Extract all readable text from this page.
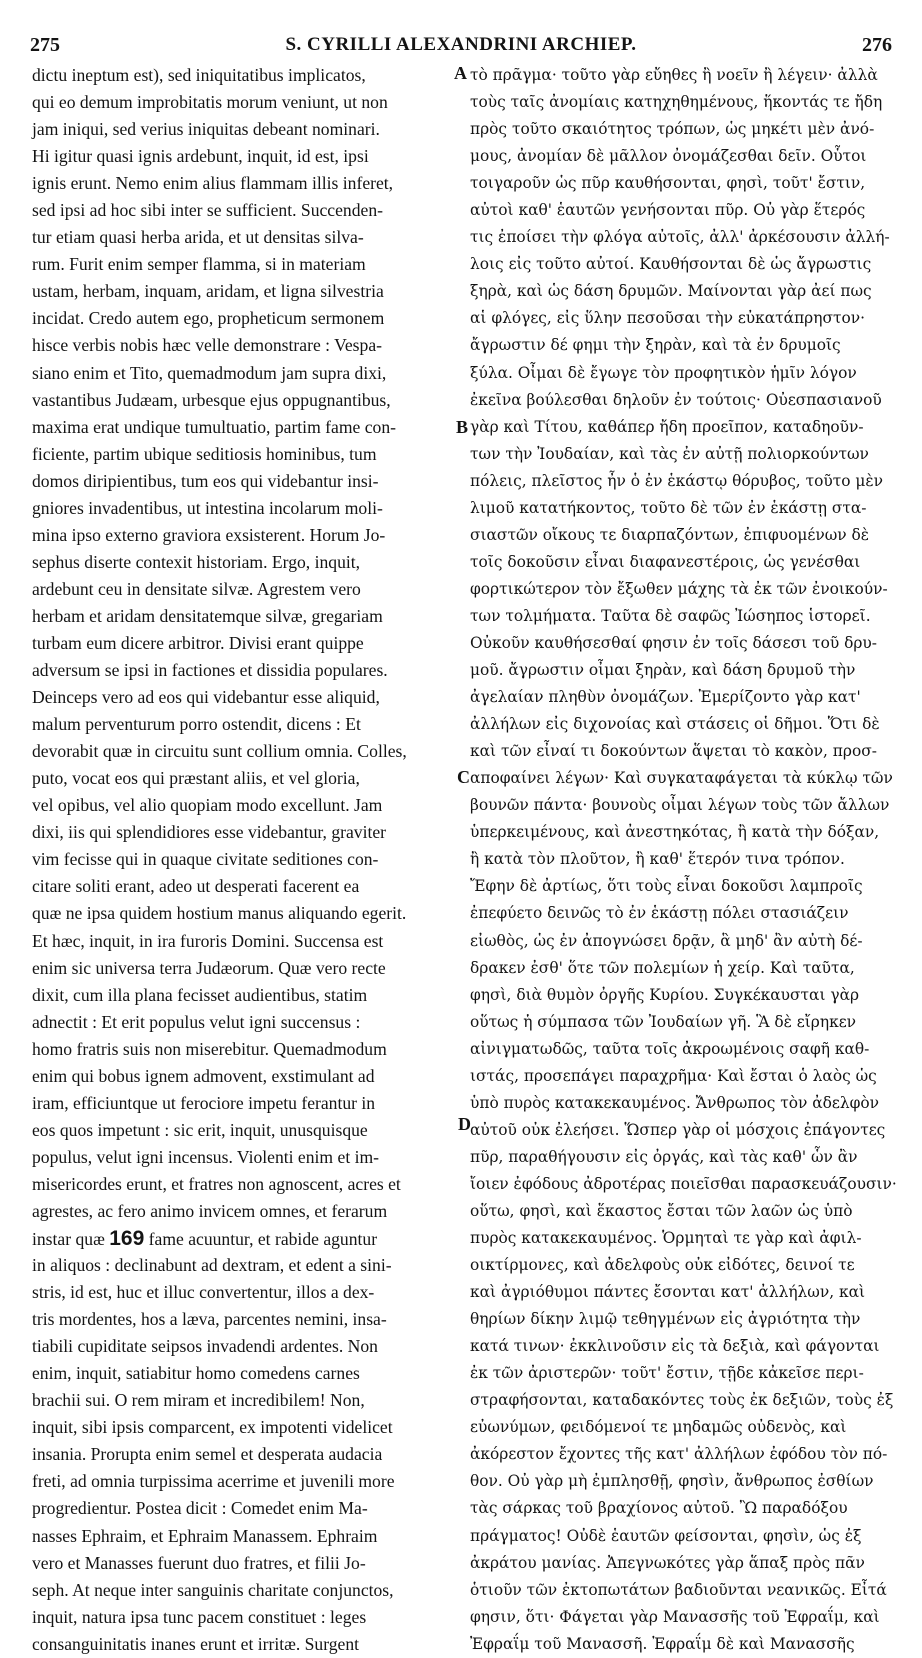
275	S. CYRILLI ALEXANDRINI ARCHIEP.	276
dictu ineptum est), sed iniquitatibus implicatos,
qui eo demum improbitatis morum veniunt, ut non
jam iniqui, sed verius iniquitas debeant nominari.
Hi igitur quasi ignis ardebunt, inquit, id est, ipsi
ignis erunt. Nemo enim alius flammam illis inferet,
sed ipsi ad hoc sibi inter se sufficient. Succenden-
tur etiam quasi herba arida, et ut densitas silva-
rum. Furit enim semper flamma, si in materiam
ustam, herbam, inquam, aridam, et ligna silvestria
incidat. Credo autem ego, propheticum sermonem
hisce verbis nobis hæc velle demonstrare : Vespa-
siano enim et Tito, quemadmodum jam supra dixi,
vastantibus Judæam, urbesque ejus oppugnantibus,
maxima erat undique tumultuatio, partim fame con-
ficiente, partim ubique seditiosis hominibus, tum
domos diripientibus, tum eos qui videbantur insi-
gniores invadentibus, ut intestina incolarum moli-
mina ipso externo graviora exsisterent. Horum Jo-
sephus diserte contexit historiam. Ergo, inquit,
ardebunt ceu in densitate silvæ. Agrestem vero
herbam et aridam densitatemque silvæ, gregariam
turbam eum dicere arbitror. Divisi erant quippe
adversum se ipsi in factiones et dissidia populares.
Deinceps vero ad eos qui videbantur esse aliquid,
malum perventurum porro ostendit, dicens : Et
devorabit quæ in circuitu sunt collium omnia. Colles,
puto, vocat eos qui præstant aliis, et vel gloria,
vel opibus, vel alio quopiam modo excellunt. Jam
dixi, iis qui splendidiores esse videbantur, graviter
vim fecisse qui in quaque civitate seditiones con-
citare soliti erant, adeo ut desperati facerent ea
quæ ne ipsa quidem hostium manus aliquando egerit.
Et hæc, inquit, in ira furoris Domini. Succensa est
enim sic universa terra Judæorum. Quæ vero recte
dixit, cum illa plana fecisset audientibus, statim
adnectit : Et erit populus velut igni succensus :
homo fratris suis non miserebitur. Quemadmodum
enim qui bobus ignem admovent, exstimulant ad
iram, efficiuntque ut ferociore impetu ferantur in
eos quos impetunt : sic erit, inquit, unusquisque
populus, velut igni incensus. Violenti enim et im-
misericordes erunt, et fratres non agnoscent, acres et
agrestes, ac fero animo invicem omnes, et ferarum
instar quæ 169 fame acuuntur, et rabide aguntur
in aliquos : declinabunt ad dextram, et edent a sini-
stris, id est, huc et illuc convertentur, illos a dex-
tris mordentes, hos a læva, parcentes nemini, insa-
tiabili cupiditate seipsos invadendi ardentes. Non
enim, inquit, satiabitur homo comedens carnes
brachii sui. O rem miram et incredibilem! Non,
inquit, sibi ipsis comparcent, ex impotenti videlicet
insania. Prorupta enim semel et desperata audacia
freti, ad omnia turpissima acerrime et juvenili more
progredientur. Postea dicit : Comedet enim Ma-
nasses Ephraim, et Ephraim Manassem. Ephraim
vero et Manasses fuerunt duo fratres, et filii Jo-
seph. At neque inter sanguinis charitate conjunctos,
inquit, natura ipsa tunc pacem constituet : leges
consanguinitatis inanes erunt et irritæ. Surgent
τὸ πρᾶγμα· τοῦτο γὰρ εὔηθες ἢ νοεῖν ἢ λέγειν· ἀλλὰ
τοὺς ταῖς ἀνομίαις κατηχηθημένους, ἥκοντάς τε ἤδη
πρὸς τοῦτο σκαιότητος τρόπων, ὡς μηκέτι μὲν ἀνό-
μους, ἀνομίαν δὲ μᾶλλον ὀνομάζεσθαι δεῖν. Οὗτοι
τοιγαροῦν ὡς πῦρ καυθήσονται, φησὶ, τοῦτ' ἔστιν,
αὐτοὶ καθ' ἑαυτῶν γενήσονται πῦρ. Οὐ γὰρ ἕτερός
τις ἐποίσει τὴν φλόγα αὐτοῖς, ἀλλ' ἀρκέσουσιν ἀλλή-
λοις εἰς τοῦτο αὐτοί. Καυθήσονται δὲ ὡς ἄγρωστις
ξηρὰ, καὶ ὡς δάση δρυμῶν. Μαίνονται γὰρ ἀεί πως
αἱ φλόγες, εἰς ὕλην πεσοῦσαι τὴν εὐκατάπρηστον·
ἄγρωστιν δέ φημι τὴν ξηρὰν, καὶ τὰ ἐν δρυμοῖς
ξύλα. Οἶμαι δὲ ἔγωγε τὸν προφητικὸν ἡμῖν λόγον
ἐκεῖνα βούλεσθαι δηλοῦν ἐν τούτοις· Οὐεσπασιανοῦ
γὰρ καὶ Τίτου, καθάπερ ἤδη προεῖπον, καταδηοῦν-
των τὴν Ἰουδαίαν, καὶ τὰς ἐν αὐτῇ πολιορκούντων
πόλεις, πλεῖστος ἦν ὁ ἐν ἑκάστῳ θόρυβος, τοῦτο μὲν
λιμοῦ κατατήκοντος, τοῦτο δὲ τῶν ἐν ἑκάστῃ στα-
σιαστῶν οἴκους τε διαρπαζόντων, ἐπιφυομένων δὲ
τοῖς δοκοῦσιν εἶναι διαφανεστέροις, ὡς γενέσθαι
φορτικώτερον τὸν ἔξωθεν μάχης τὰ ἐκ τῶν ἐνοικούν-
των τολμήματα. Ταῦτα δὲ σαφῶς Ἰώσηπος ἱστορεῖ.
Οὐκοῦν καυθήσεσθαί φησιν ἐν τοῖς δάσεσι τοῦ δρυ-
μοῦ. ἄγρωστιν οἶμαι ξηρὰν, καὶ δάση δρυμοῦ τὴν
ἀγελαίαν πληθὺν ὀνομάζων. Ἐμερίζοντο γὰρ κατ'
ἀλλήλων εἰς διχονοίας καὶ στάσεις οἱ δῆμοι. Ὅτι δὲ
καὶ τῶν εἶναί τι δοκούντων ἅψεται τὸ κακὸν, προσ-
αποφαίνει λέγων· Καὶ συγκαταφάγεται τὰ κύκλῳ τῶν
βουνῶν πάντα· βουνοὺς οἶμαι λέγων τοὺς τῶν ἄλλων
ὑπερκειμένους, καὶ ἀνεστηκότας, ἢ κατὰ τὴν δόξαν,
ἢ κατὰ τὸν πλοῦτον, ἢ καθ' ἕτερόν τινα τρόπον.
Ἔφην δὲ ἀρτίως, ὅτι τοὺς εἶναι δοκοῦσι λαμπροῖς
ἐπεφύετο δεινῶς τὸ ἐν ἑκάστῃ πόλει στασιάζειν
εἰωθὸς, ὡς ἐν ἀπογνώσει δρᾷν, ἃ μηδ' ἂν αὐτὴ δέ-
δρακεν ἐσθ' ὅτε τῶν πολεμίων ἡ χείρ. Καὶ ταῦτα,
φησὶ, διὰ θυμὸν ὀργῆς Κυρίου. Συγκέκαυσται γὰρ
οὕτως ἡ σύμπασα τῶν Ἰουδαίων γῆ. Ἃ δὲ εἴρηκεν
αἰνιγματωδῶς, ταῦτα τοῖς ἀκροωμένοις σαφῆ καθ-
ιστάς, προσεπάγει παραχρῆμα· Καὶ ἔσται ὁ λαὸς ὡς
ὑπὸ πυρὸς κατακεκαυμένος. Ἄνθρωπος τὸν ἀδελφὸν
αὐτοῦ οὐκ ἐλεήσει. Ὥσπερ γὰρ οἱ μόσχοις ἐπάγοντες
πῦρ, παραθήγουσιν εἰς ὀργάς, καὶ τὰς καθ' ὧν ἂν
ἴοιεν ἐφόδους ἀδροτέρας ποιεῖσθαι παρασκευάζουσιν·
οὕτω, φησὶ, καὶ ἕκαστος ἔσται τῶν λαῶν ὡς ὑπὸ
πυρὸς κατακεκαυμένος. Ὁρμηταὶ τε γὰρ καὶ ἀφιλ-
οικτίρμονες, καὶ ἀδελφοὺς οὐκ εἰδότες, δεινοί τε
καὶ ἀγριόθυμοι πάντες ἔσονται κατ' ἀλλήλων, καὶ
θηρίων δίκην λιμῷ τεθηγμένων εἰς ἀγριότητα τὴν
κατά τινων· ἐκκλινοῦσιν εἰς τὰ δεξιὰ, καὶ φάγονται
ἐκ τῶν ἀριστερῶν· τοῦτ' ἔστιν, τῇδε κἀκεῖσε περι-
στραφήσονται, καταδακόντες τοὺς ἐκ δεξιῶν, τοὺς ἐξ
εὐωνύμων, φειδόμενοί τε μηδαμῶς οὐδενὸς, καὶ
ἀκόρεστον ἔχοντες τῆς κατ' ἀλλήλων ἐφόδου τὸν πό-
θον. Οὐ γὰρ μὴ ἐμπλησθῇ, φησὶν, ἄνθρωπος ἐσθίων
τὰς σάρκας τοῦ βραχίονος αὐτοῦ. Ὢ παραδόξου
πράγματος! Οὐδὲ ἑαυτῶν φείσονται, φησὶν, ὡς ἐξ
ἀκράτου μανίας. Ἀπεγνωκότες γὰρ ἅπαξ πρὸς πᾶν
ὁτιοῦν τῶν ἐκτοπωτάτων βαδιοῦνται νεανικῶς. Εἶτά
φησιν, ὅτι· Φάγεται γὰρ Μανασσῆς τοῦ Ἐφραΐμ, καὶ
Ἐφραΐμ τοῦ Μανασσῆ. Ἐφραΐμ δὲ καὶ Μανασσῆς
A
B
C
D
